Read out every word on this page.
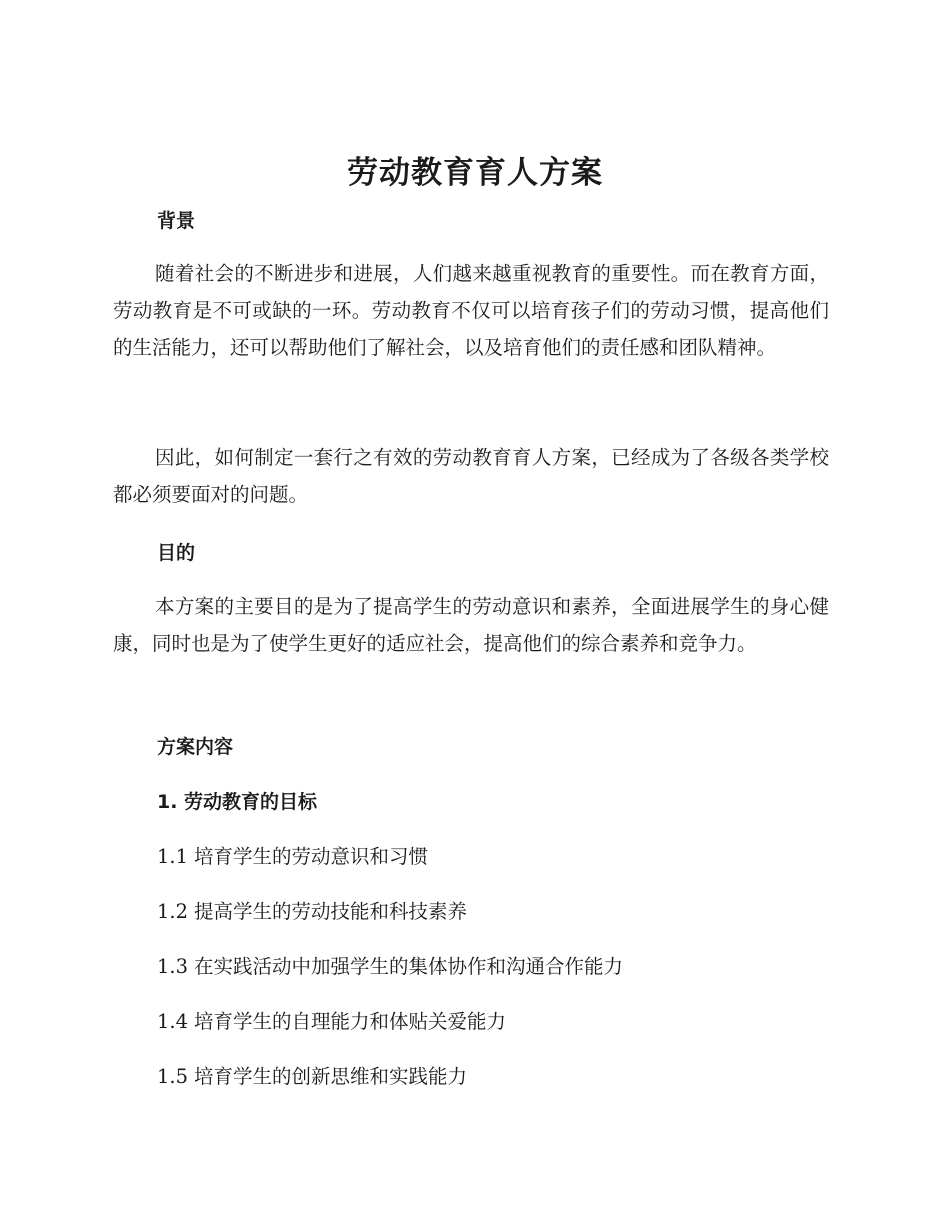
劳动教育育人方案
背景

随着社会的不断进步和进展，人们越来越重视教育的重要性。而在教育方面，劳动教育是不可或缺的一环。劳动教育不仅可以培育孩子们的劳动习惯，提高他们的生活能力，还可以帮助他们了解社会，以及培育他们的责任感和团队精神。

因此，如何制定一套行之有效的劳动教育育人方案，已经成为了各级各类学校都必须要面对的问题。

目的

本方案的主要目的是为了提高学生的劳动意识和素养，全面进展学生的身心健康，同时也是为了使学生更好的适应社会，提高他们的综合素养和竞争力。

方案内容
1. 劳动教育的目标

1.1 培育学生的劳动意识和习惯

1.2 提高学生的劳动技能和科技素养

1.3 在实践活动中加强学生的集体协作和沟通合作能力

1.4 培育学生的自理能力和体贴关爱能力

1.5 培育学生的创新思维和实践能力
